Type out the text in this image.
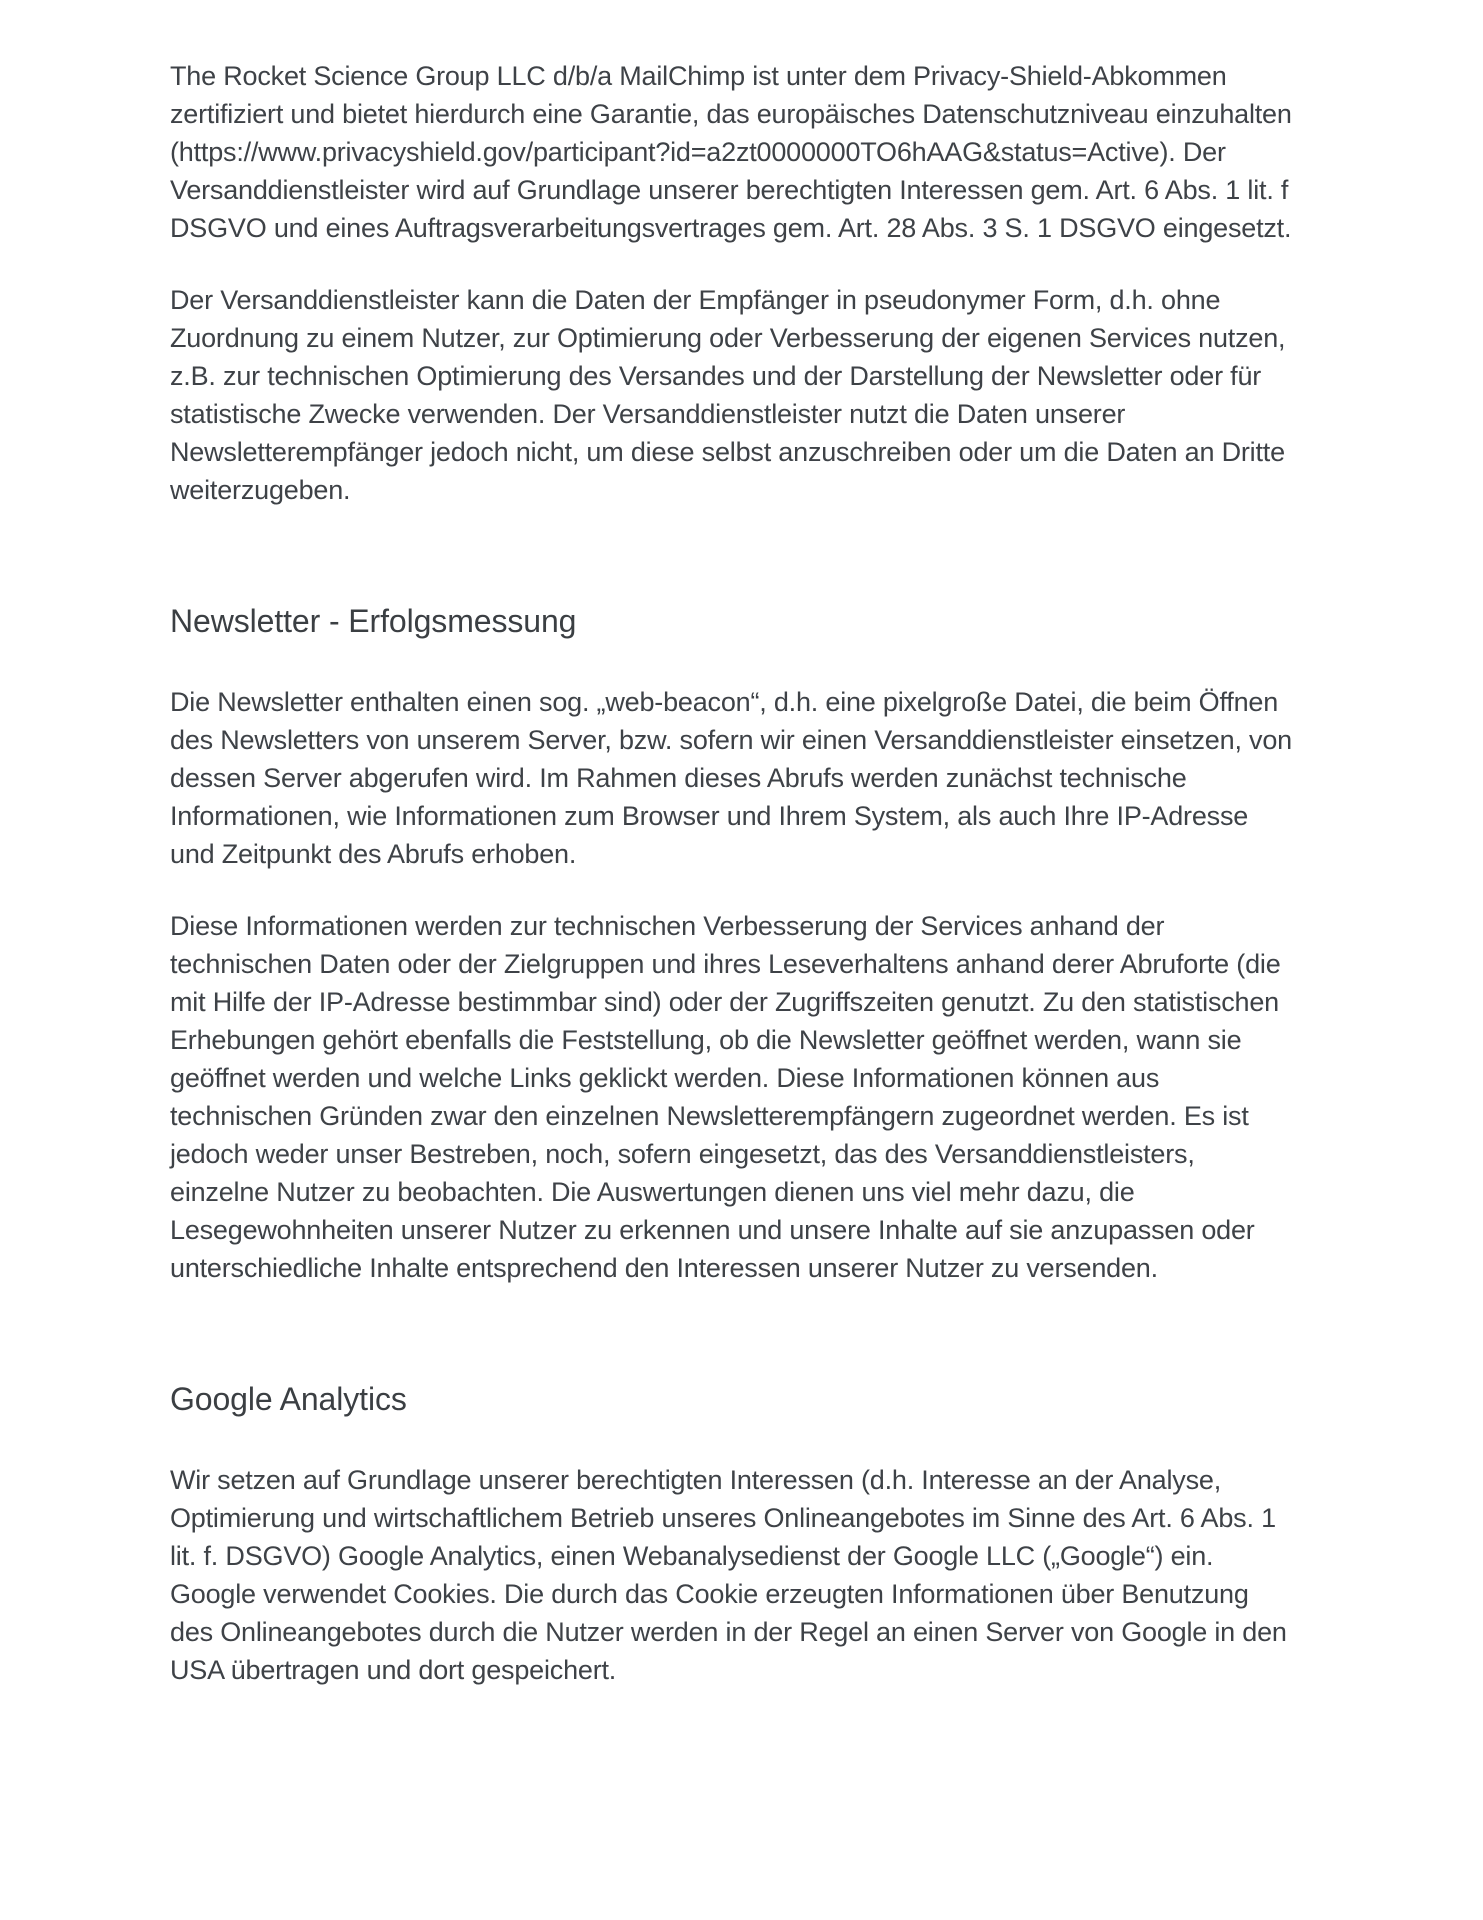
The Rocket Science Group LLC d/b/a MailChimp ist unter dem Privacy-Shield-Abkommen zertifiziert und bietet hierdurch eine Garantie, das europäisches Datenschutzniveau einzuhalten (https://www.privacyshield.gov/participant?id=a2zt0000000TO6hAAG&status=Active). Der Versanddienstleister wird auf Grundlage unserer berechtigten Interessen gem. Art. 6 Abs. 1 lit. f DSGVO und eines Auftragsverarbeitungsvertrages gem. Art. 28 Abs. 3 S. 1 DSGVO eingesetzt.

Der Versanddienstleister kann die Daten der Empfänger in pseudonymer Form, d.h. ohne Zuordnung zu einem Nutzer, zur Optimierung oder Verbesserung der eigenen Services nutzen, z.B. zur technischen Optimierung des Versandes und der Darstellung der Newsletter oder für statistische Zwecke verwenden. Der Versanddienstleister nutzt die Daten unserer Newsletterempfänger jedoch nicht, um diese selbst anzuschreiben oder um die Daten an Dritte weiterzugeben.

Newsletter - Erfolgsmessung

Die Newsletter enthalten einen sog. „web-beacon“, d.h. eine pixelgroße Datei, die beim Öffnen des Newsletters von unserem Server, bzw. sofern wir einen Versanddienstleister einsetzen, von dessen Server abgerufen wird. Im Rahmen dieses Abrufs werden zunächst technische Informationen, wie Informationen zum Browser und Ihrem System, als auch Ihre IP-Adresse und Zeitpunkt des Abrufs erhoben.

Diese Informationen werden zur technischen Verbesserung der Services anhand der technischen Daten oder der Zielgruppen und ihres Leseverhaltens anhand derer Abruforte (die mit Hilfe der IP-Adresse bestimmbar sind) oder der Zugriffszeiten genutzt. Zu den statistischen Erhebungen gehört ebenfalls die Feststellung, ob die Newsletter geöffnet werden, wann sie geöffnet werden und welche Links geklickt werden. Diese Informationen können aus technischen Gründen zwar den einzelnen Newsletterempfängern zugeordnet werden. Es ist jedoch weder unser Bestreben, noch, sofern eingesetzt, das des Versanddienstleisters, einzelne Nutzer zu beobachten. Die Auswertungen dienen uns viel mehr dazu, die Lesegewohnheiten unserer Nutzer zu erkennen und unsere Inhalte auf sie anzupassen oder unterschiedliche Inhalte entsprechend den Interessen unserer Nutzer zu versenden.

Google Analytics

Wir setzen auf Grundlage unserer berechtigten Interessen (d.h. Interesse an der Analyse, Optimierung und wirtschaftlichem Betrieb unseres Onlineangebotes im Sinne des Art. 6 Abs. 1 lit. f. DSGVO) Google Analytics, einen Webanalysedienst der Google LLC („Google“) ein. Google verwendet Cookies. Die durch das Cookie erzeugten Informationen über Benutzung des Onlineangebotes durch die Nutzer werden in der Regel an einen Server von Google in den USA übertragen und dort gespeichert.
